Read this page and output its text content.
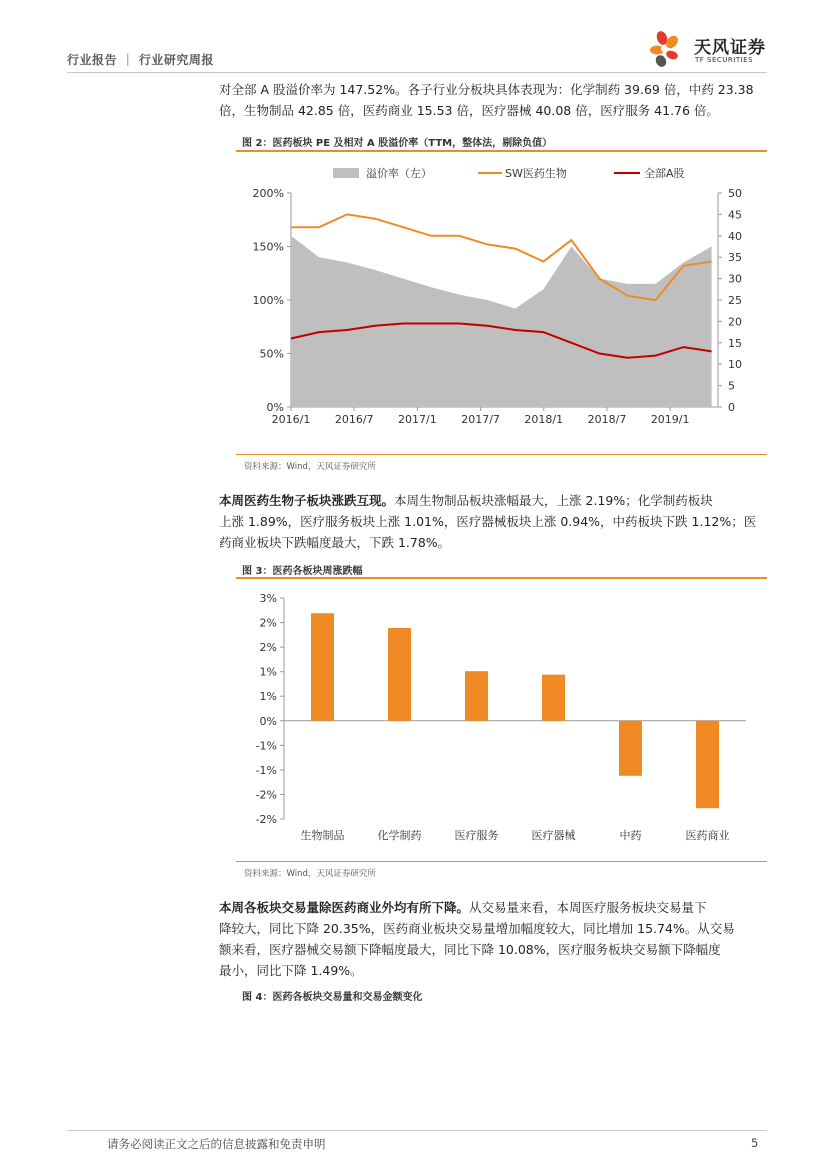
行业报告 ｜ 行业研究周报
天风证券
TF SECURITIES
对全部 A 股溢价率为 147.52%。各子行业分板块具体表现为：化学制药 39.69 倍，中药 23.38
倍，生物制品 42.85 倍，医药商业 15.53 倍，医疗器械 40.08 倍，医疗服务 41.76 倍。
图 2：医药板块 PE 及相对 A 股溢价率（TTM，整体法，剔除负值）
溢价率（左）	SW医药生物	全部A股
0%
50%
100%
150%
200%
0
5
10
15
20
25
30
35
40
45
50
2016/1 2016/7 2017/1 2017/7 2018/1 2018/7 2019/1
资料来源：Wind，天风证券研究所
本周医药生物子板块涨跌互现。本周生物制品板块涨幅最大，上涨 2.19%；化学制药板块
上涨 1.89%，医疗服务板块上涨 1.01%，医疗器械板块上涨 0.94%，中药板块下跌 1.12%；医
药商业板块下跌幅度最大，下跌 1.78%。
图 3：医药各板块周涨跌幅
3%
2%
2%
1%
1%
0%
-1%
-1%
-2%
-2%
生物制品	化学制药	医疗服务	医疗器械	中药	医药商业
资料来源：Wind，天风证券研究所
本周各板块交易量除医药商业外均有所下降。从交易量来看，本周医疗服务板块交易量下
降较大，同比下降 20.35%，医药商业板块交易量增加幅度较大，同比增加 15.74%。从交易
额来看，医疗器械交易额下降幅度最大，同比下降 10.08%，医疗服务板块交易额下降幅度
最小，同比下降 1.49%。
图 4：医药各板块交易量和交易金额变化
请务必阅读正文之后的信息披露和免责申明	5
